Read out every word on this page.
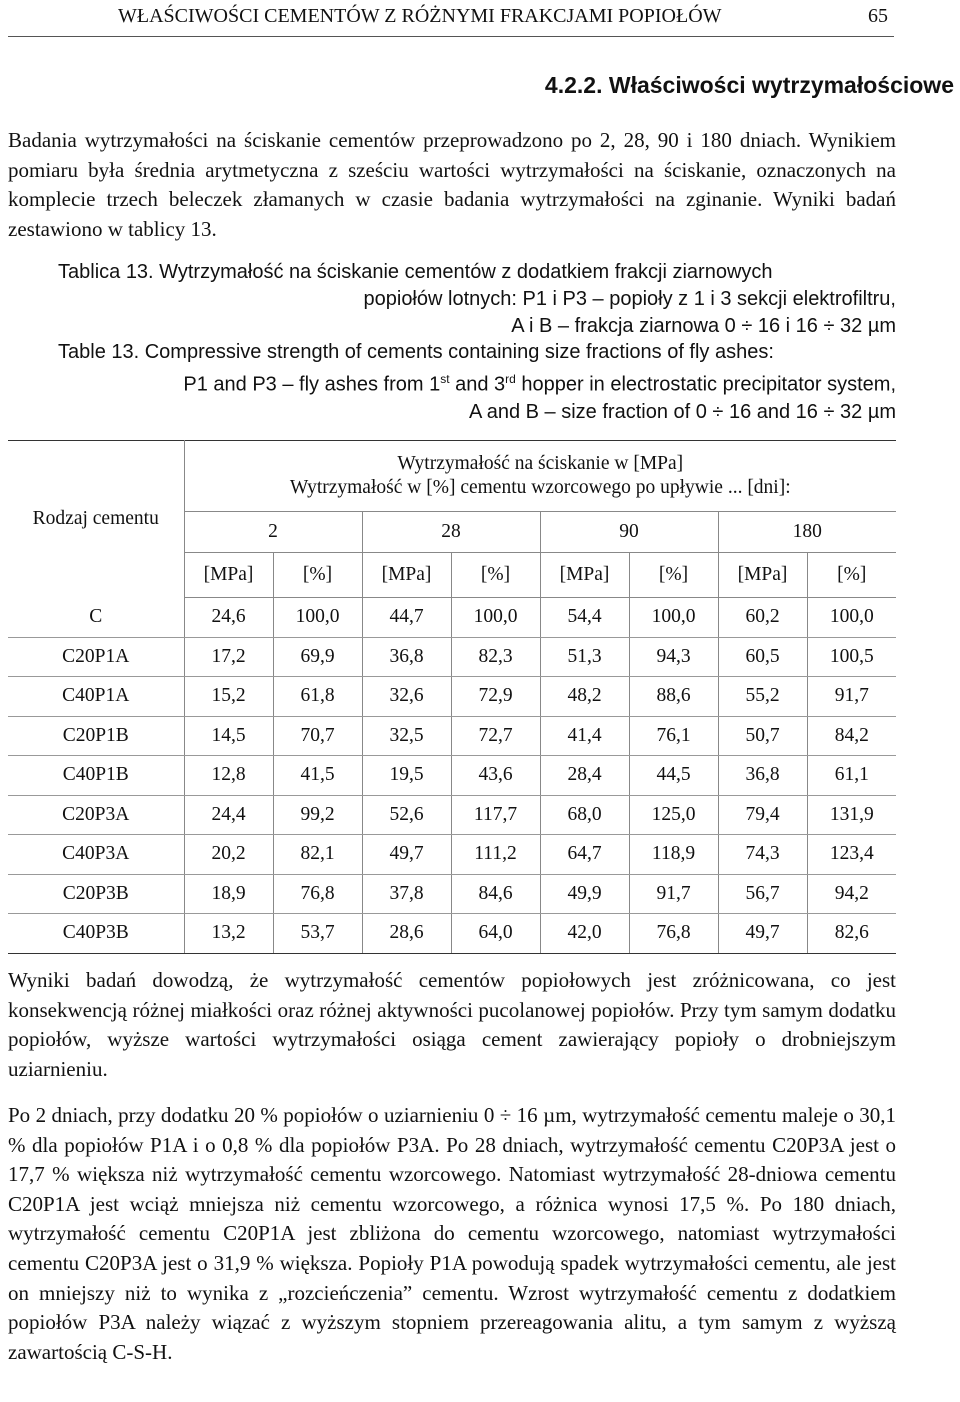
WŁAŚCIWOŚCI CEMENTÓW Z RÓŻNYMI FRAKCJAMI POPIOŁÓW	65
4.2.2. Właściwości wytrzymałościowe

Badania wytrzymałości na ściskanie cementów przeprowadzono po 2, 28, 90 i 180 dniach. Wynikiem pomiaru była średnia arytmetyczna z sześciu wartości wytrzymałości na ściskanie, oznaczonych na komplecie trzech beleczek złamanych w czasie badania wytrzymałości na zginanie. Wyniki badań zestawiono w tablicy 13.

Tablica 13. Wytrzymałość na ściskanie cementów z dodatkiem frakcji ziarnowych
popiołów lotnych: P1 i P3 – popioły z 1 i 3 sekcji elektrofiltru,
A i B – frakcja ziarnowa 0 ÷ 16 i 16 ÷ 32 µm
Table 13. Compressive strength of cements containing size fractions of fly ashes:
P1 and P3 – fly ashes from 1st and 3rd hopper in electrostatic precipitator system,
A and B – size fraction of 0 ÷ 16 and 16 ÷ 32 µm
Rodzaj cementu	Wytrzymałość na ściskanie w [MPa]
Wytrzymałość w [%] cementu wzorcowego po upływie ... [dni]:							

	2		28		90		180	
	[MPa]	[%]	[MPa]	[%]	[MPa]	[%]	[MPa]	[%]
C	24,6	100,0	44,7	100,0	54,4	100,0	60,2	100,0
C20P1A	17,2	69,9	36,8	82,3	51,3	94,3	60,5	100,5
C40P1A	15,2	61,8	32,6	72,9	48,2	88,6	55,2	91,7
C20P1B	14,5	70,7	32,5	72,7	41,4	76,1	50,7	84,2
C40P1B	12,8	41,5	19,5	43,6	28,4	44,5	36,8	61,1
C20P3A	24,4	99,2	52,6	117,7	68,0	125,0	79,4	131,9
C40P3A	20,2	82,1	49,7	111,2	64,7	118,9	74,3	123,4
C20P3B	18,9	76,8	37,8	84,6	49,9	91,7	56,7	94,2
C40P3B	13,2	53,7	28,6	64,0	42,0	76,8	49,7	82,6

Wyniki badań dowodzą, że wytrzymałość cementów popiołowych jest zróżnicowana, co jest konsekwencją różnej miałkości oraz różnej aktywności pucolanowej popiołów. Przy tym samym dodatku popiołów, wyższe wartości wytrzymałości osiąga cement zawierający popioły o drobniejszym uziarnieniu.

Po 2 dniach, przy dodatku 20 % popiołów o uziarnieniu 0 ÷ 16 µm, wytrzymałość cementu maleje o 30,1 % dla popiołów P1A i o 0,8 % dla popiołów P3A. Po 28 dniach, wytrzymałość cementu C20P3A jest o 17,7 % większa niż wytrzymałość cementu wzorcowego. Natomiast wytrzymałość 28-dniowa cementu C20P1A jest wciąż mniejsza niż cementu wzorcowego, a różnica wynosi 17,5 %. Po 180 dniach, wytrzymałość cementu C20P1A jest zbliżona do cementu wzorcowego, natomiast wytrzymałości cementu C20P3A jest o 31,9 % większa. Popioły P1A powodują spadek wytrzymałości cementu, ale jest on mniejszy niż to wynika z „rozcieńczenia” cementu. Wzrost wytrzymałość cementu z dodatkiem popiołów P3A należy wiązać z wyższym stopniem przereagowania alitu, a tym samym z wyższą zawartością C-S-H.
